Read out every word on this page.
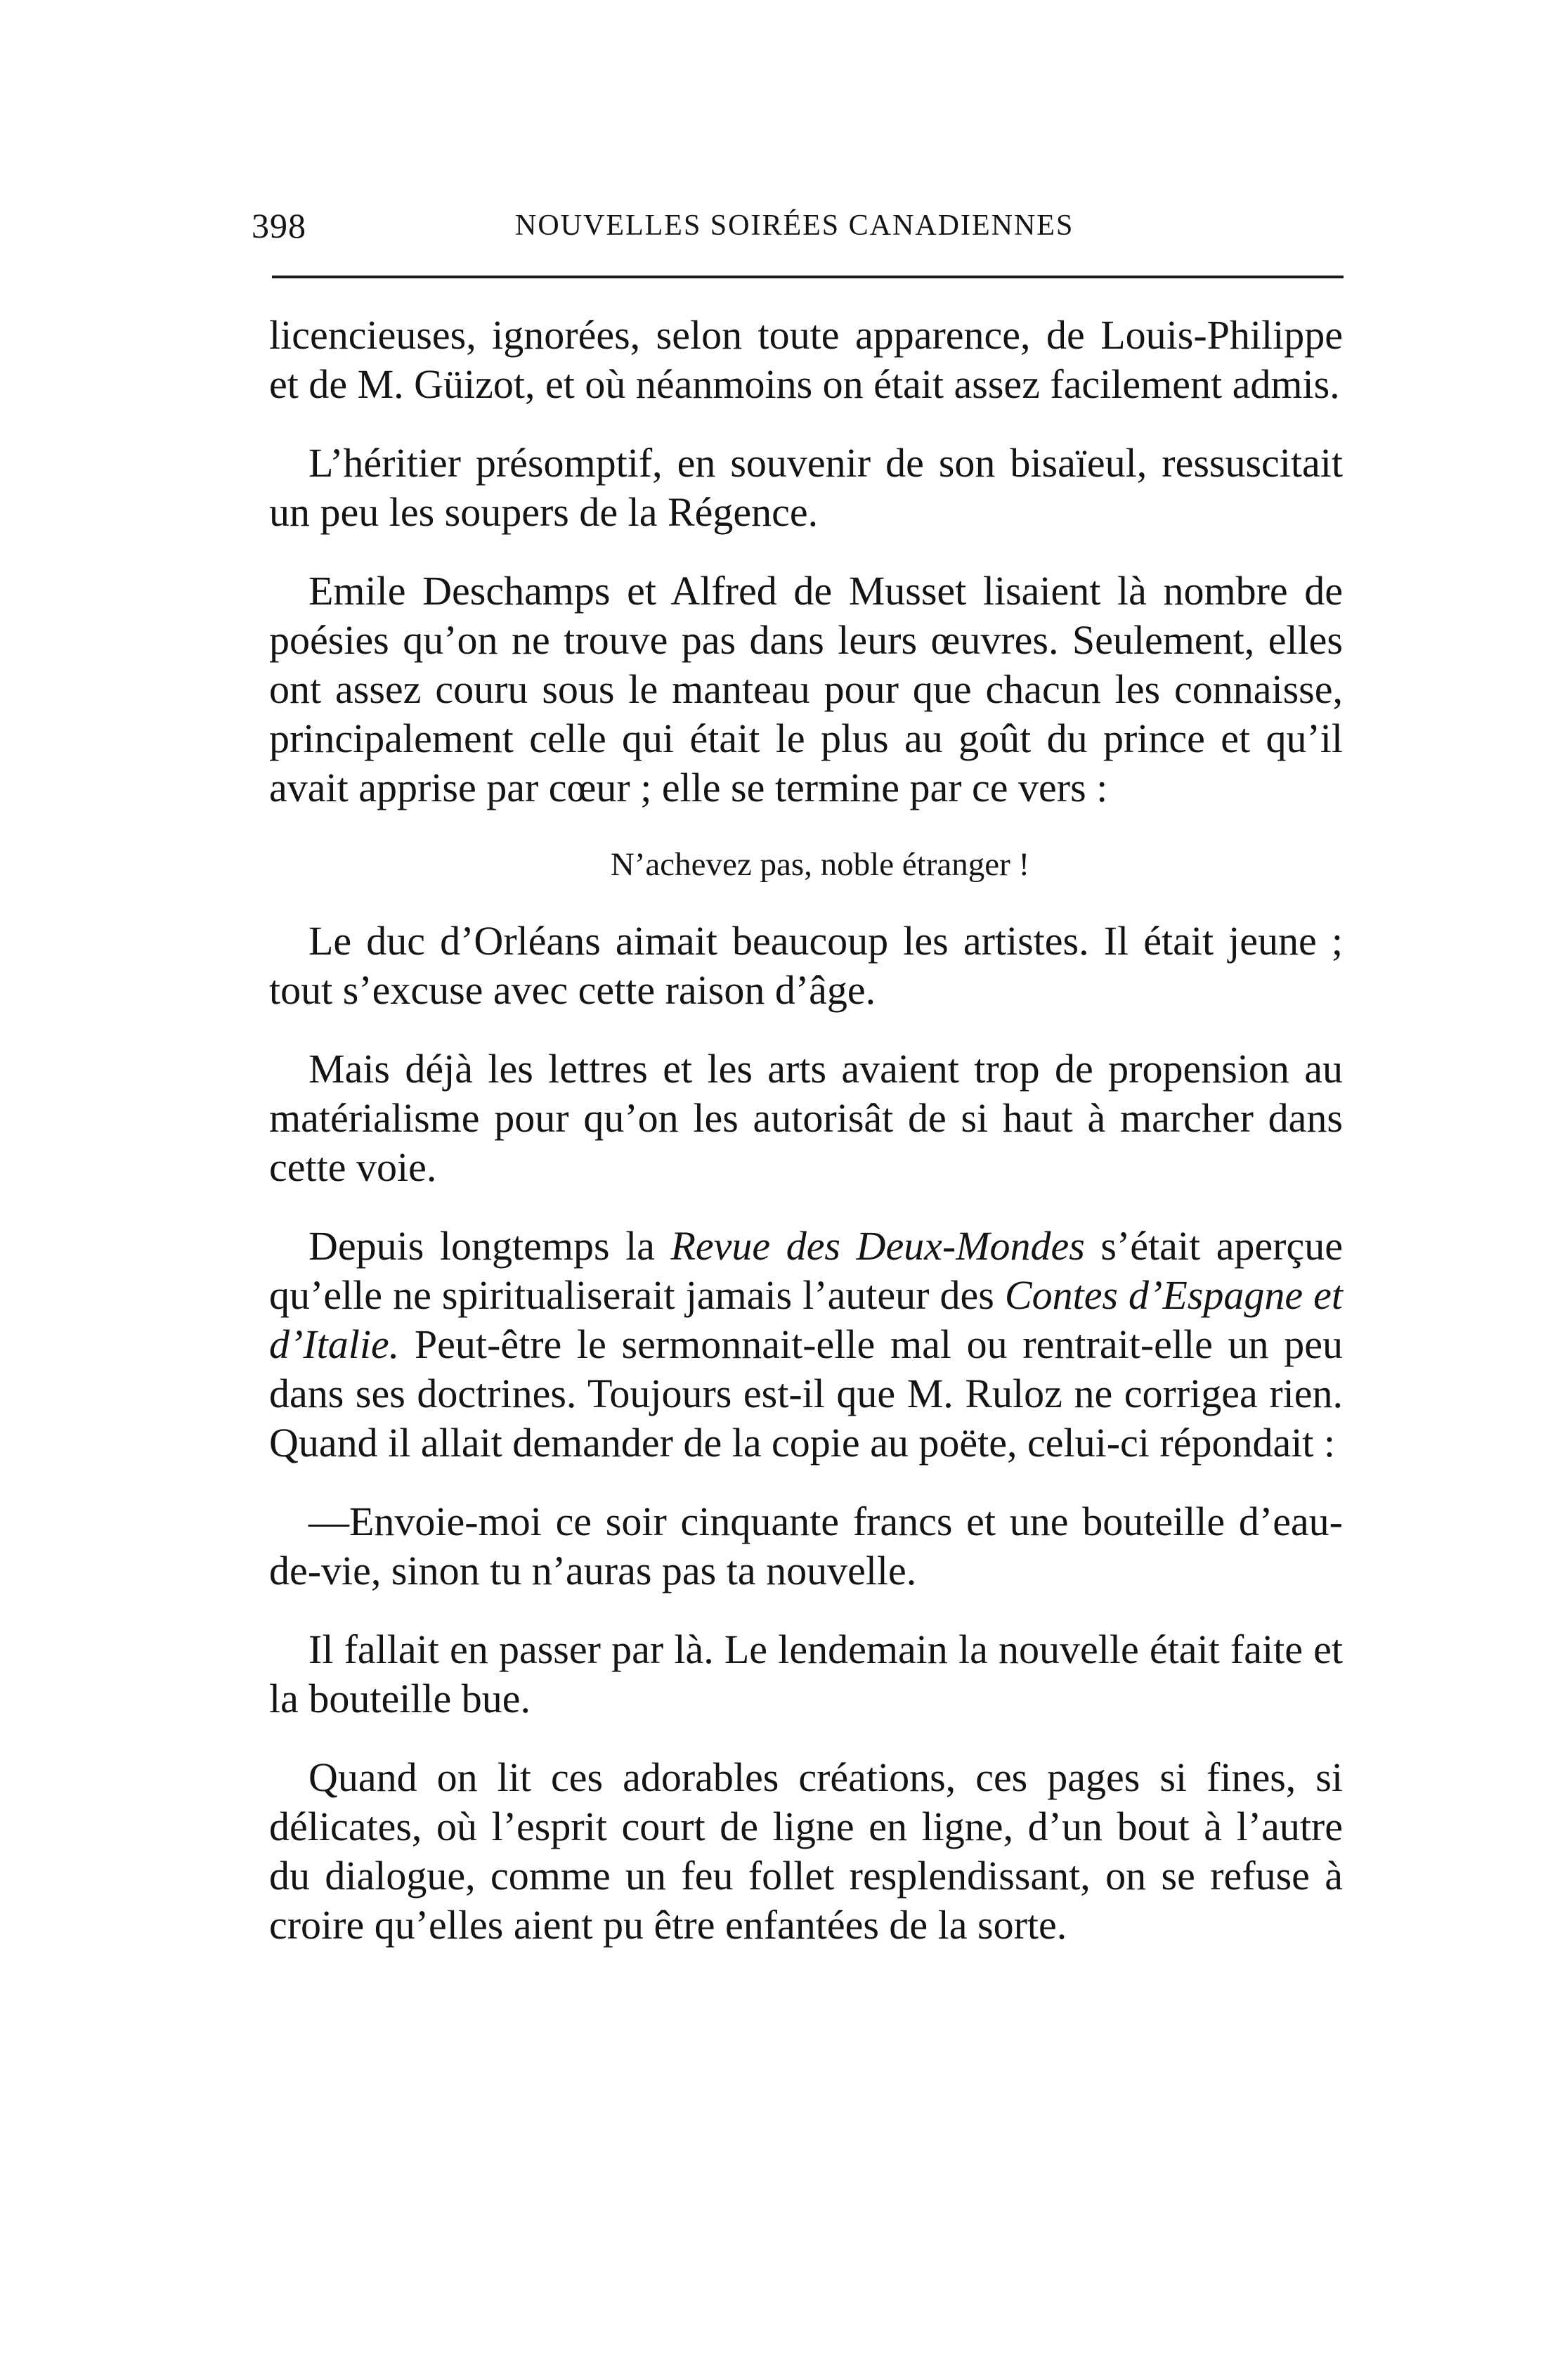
398	NOUVELLES SOIRÉES CANADIENNES

licencieuses, ignorées, selon toute apparence, de Louis-Philippe et de M. Güizot, et où néanmoins on était assez facilement admis.

L’héritier présomptif, en souvenir de son bisaïeul, ressuscitait un peu les soupers de la Régence.

Emile Deschamps et Alfred de Musset lisaient là nombre de poésies qu’on ne trouve pas dans leurs œuvres. Seulement, elles ont assez couru sous le manteau pour que chacun les connaisse, principalement celle qui était le plus au goût du prince et qu’il avait apprise par cœur ; elle se termine par ce vers :

N’achevez pas, noble étranger !

Le duc d’Orléans aimait beaucoup les artistes. Il était jeune ; tout s’excuse avec cette raison d’âge.

Mais déjà les lettres et les arts avaient trop de propension au matérialisme pour qu’on les autorisât de si haut à marcher dans cette voie.

Depuis longtemps la Revue des Deux-Mondes s’était aperçue qu’elle ne spiritualiserait jamais l’auteur des Contes d’Espagne et d’Italie. Peut-être le sermonnait-elle mal ou rentrait-elle un peu dans ses doctrines. Toujours est-il que M. Ruloz ne corrigea rien. Quand il allait demander de la copie au poëte, celui-ci répondait :

—Envoie-moi ce soir cinquante francs et une bouteille d’eau-de-vie, sinon tu n’auras pas ta nouvelle.

Il fallait en passer par là. Le lendemain la nouvelle était faite et la bouteille bue.

Quand on lit ces adorables créations, ces pages si fines, si délicates, où l’esprit court de ligne en ligne, d’un bout à l’autre du dialogue, comme un feu follet resplendissant, on se refuse à croire qu’elles aient pu être enfantées de la sorte.
